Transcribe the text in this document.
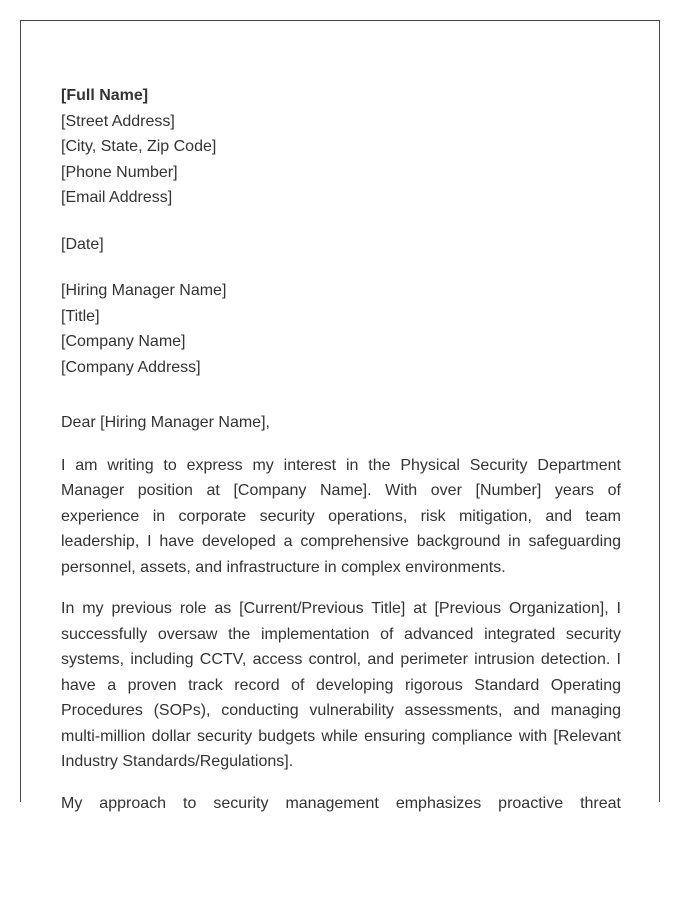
[Full Name]
[Street Address]
[City, State, Zip Code]
[Phone Number]
[Email Address]
[Date]
[Hiring Manager Name]
[Title]
[Company Name]
[Company Address]
Dear [Hiring Manager Name],

I am writing to express my interest in the Physical Security Department Manager position at [Company Name]. With over [Number] years of experience in corporate security operations, risk mitigation, and team leadership, I have developed a comprehensive background in safeguarding personnel, assets, and infrastructure in complex environments.

In my previous role as [Current/Previous Title] at [Previous Organization], I successfully oversaw the implementation of advanced integrated security systems, including CCTV, access control, and perimeter intrusion detection. I have a proven track record of developing rigorous Standard Operating Procedures (SOPs), conducting vulnerability assessments, and managing multi-million dollar security budgets while ensuring compliance with [Relevant Industry Standards/Regulations].

My approach to security management emphasizes proactive threat
